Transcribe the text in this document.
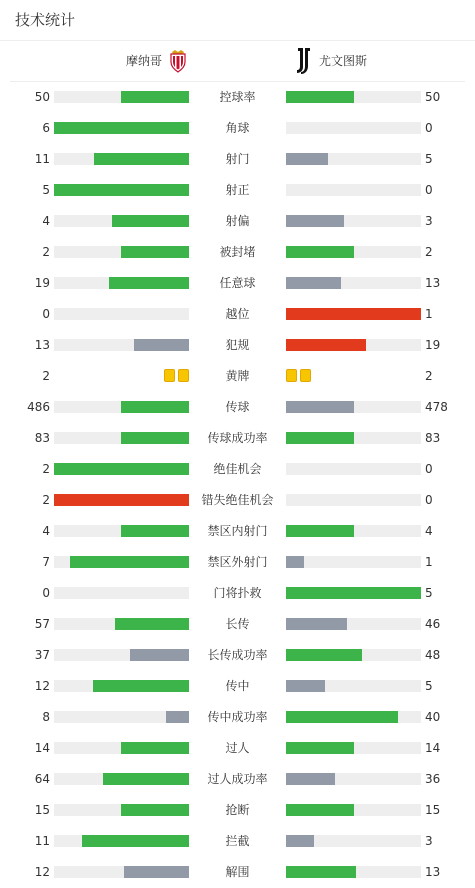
技术统计
摩纳哥	尤文图斯
50	控球率	50
6	角球	0
11	射门	5
5	射正	0
4	射偏	3
2	被封堵	2
19	任意球	13
0	越位	1
13	犯规	19
2	黄牌	2
486	传球	478
83	传球成功率	83
2	绝佳机会	0
2	错失绝佳机会	0
4	禁区内射门	4
7	禁区外射门	1
0	门将扑救	5
57	长传	46
37	长传成功率	48
12	传中	5
8	传中成功率	40
14	过人	14
64	过人成功率	36
15	抢断	15
11	拦截	3
12	解围	13
